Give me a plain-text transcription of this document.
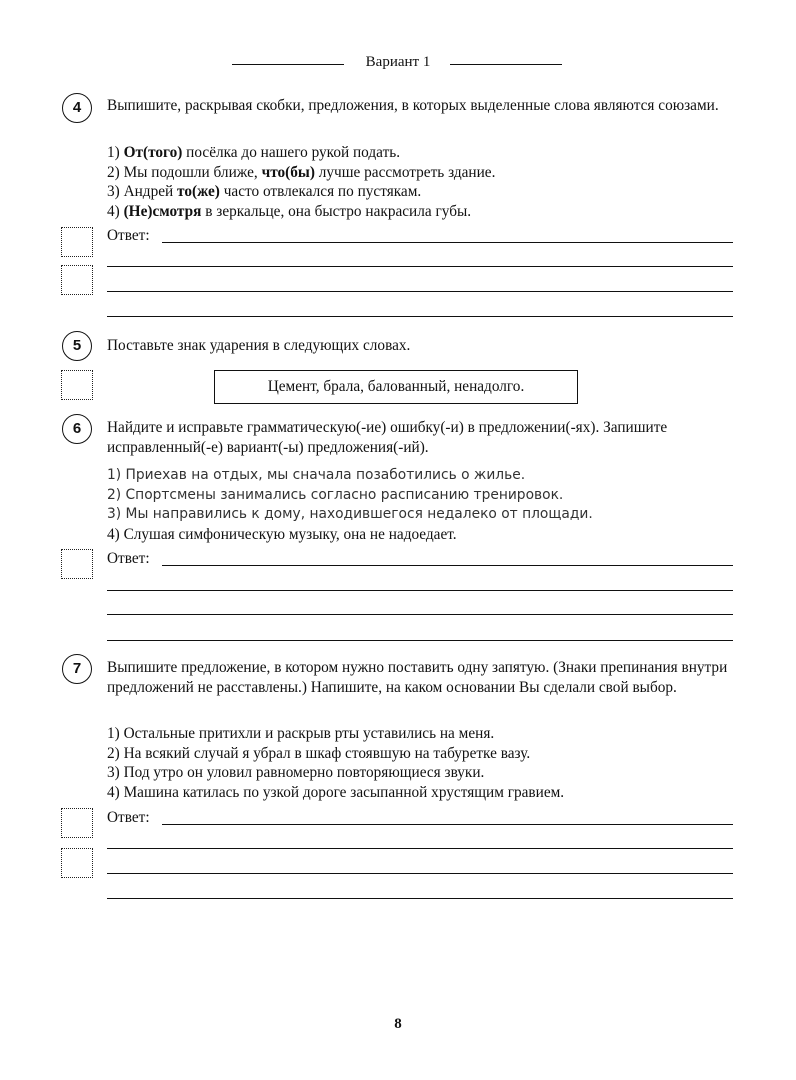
Вариант 1
4	Выпишите, раскрывая скобки, предложения, в которых выделенные слова являются союзами.

1) От(того) посёлка до нашего рукой подать.
2) Мы подошли ближе, что(бы) лучше рассмотреть здание.
3) Андрей то(же) часто отвлекался по пустякам.
4) (Не)смотря в зеркальце, она быстро накрасила губы.
Ответ:
5	Поставьте знак ударения в следующих словах.

Цемент, брала, балованный, ненадолго.
6	Найдите и исправьте грамматическую(-ие) ошибку(-и) в предложении(-ях). Запишите исправленный(-е) вариант(-ы) предложения(-ий).

1) Приехав на отдых, мы сначала позаботились о жилье.
2) Спортсмены занимались согласно расписанию тренировок.
3) Мы направились к дому, находившегося недалеко от площади.
4) Слушая симфоническую музыку, она не надоедает.
Ответ:
7	Выпишите предложение, в котором нужно поставить одну запятую. (Знаки препинания внутри предложений не расставлены.) Напишите, на каком основании Вы сделали свой выбор.

1) Остальные притихли и раскрыв рты уставились на меня.
2) На всякий случай я убрал в шкаф стоявшую на табуретке вазу.
3) Под утро он уловил равномерно повторяющиеся звуки.
4) Машина катилась по узкой дороге засыпанной хрустящим гравием.
Ответ:
8
